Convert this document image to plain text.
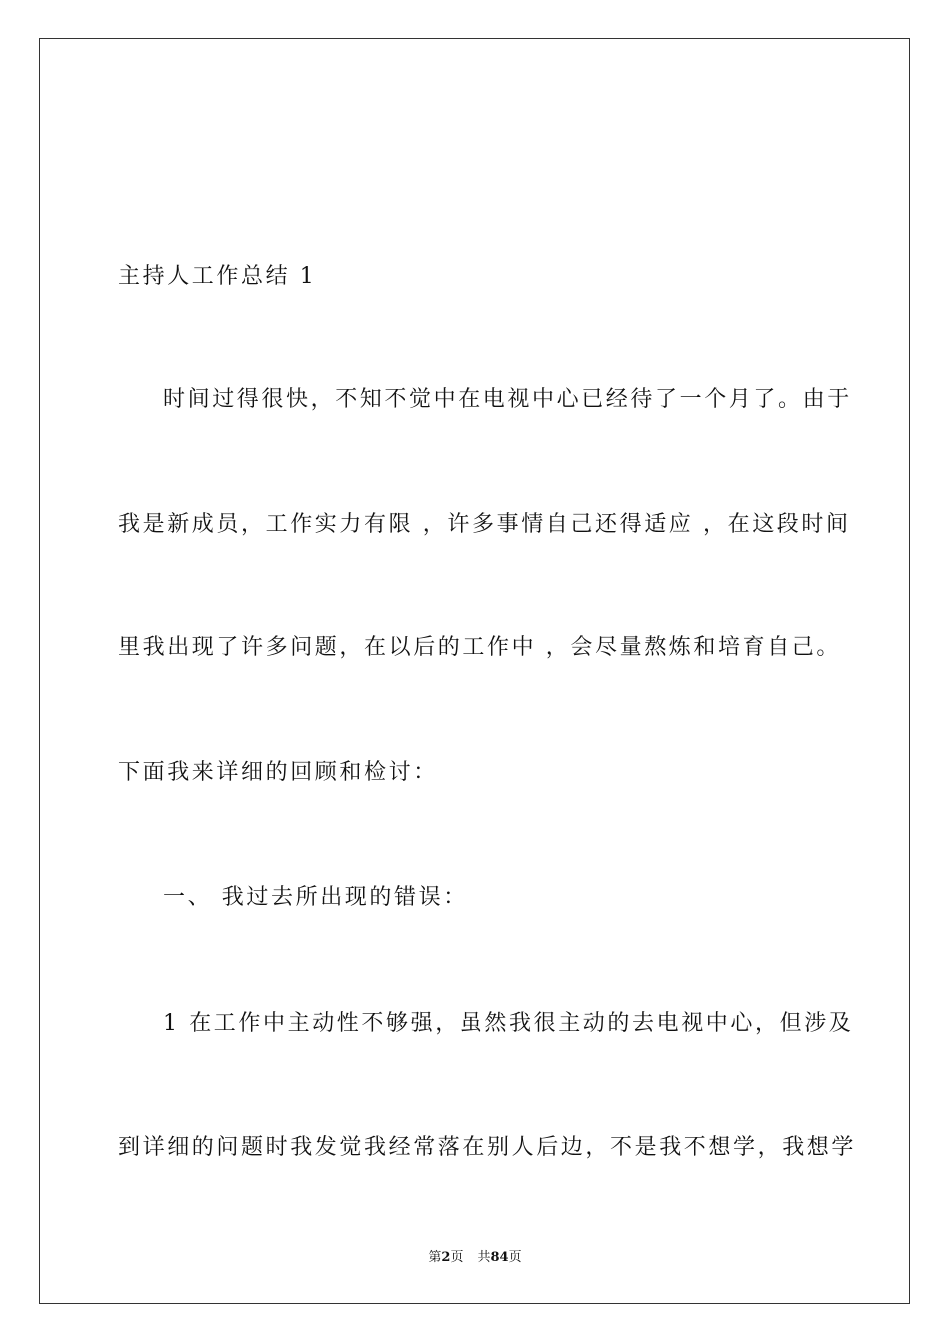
主持人工作总结 1
时间过得很快，不知不觉中在电视中心已经待了一个月了。由于
我是新成员，工作实力有限 ，许多事情自己还得适应 ，在这段时间
里我出现了许多问题，在以后的工作中 ，会尽量熬炼和培育自己。
下面我来详细的回顾和检讨：
一、 我过去所出现的错误：
1 在工作中主动性不够强，虽然我很主动的去电视中心，但涉及
到详细的问题时我发觉我经常落在别人后边，不是我不想学，我想学
第2页 共84页
